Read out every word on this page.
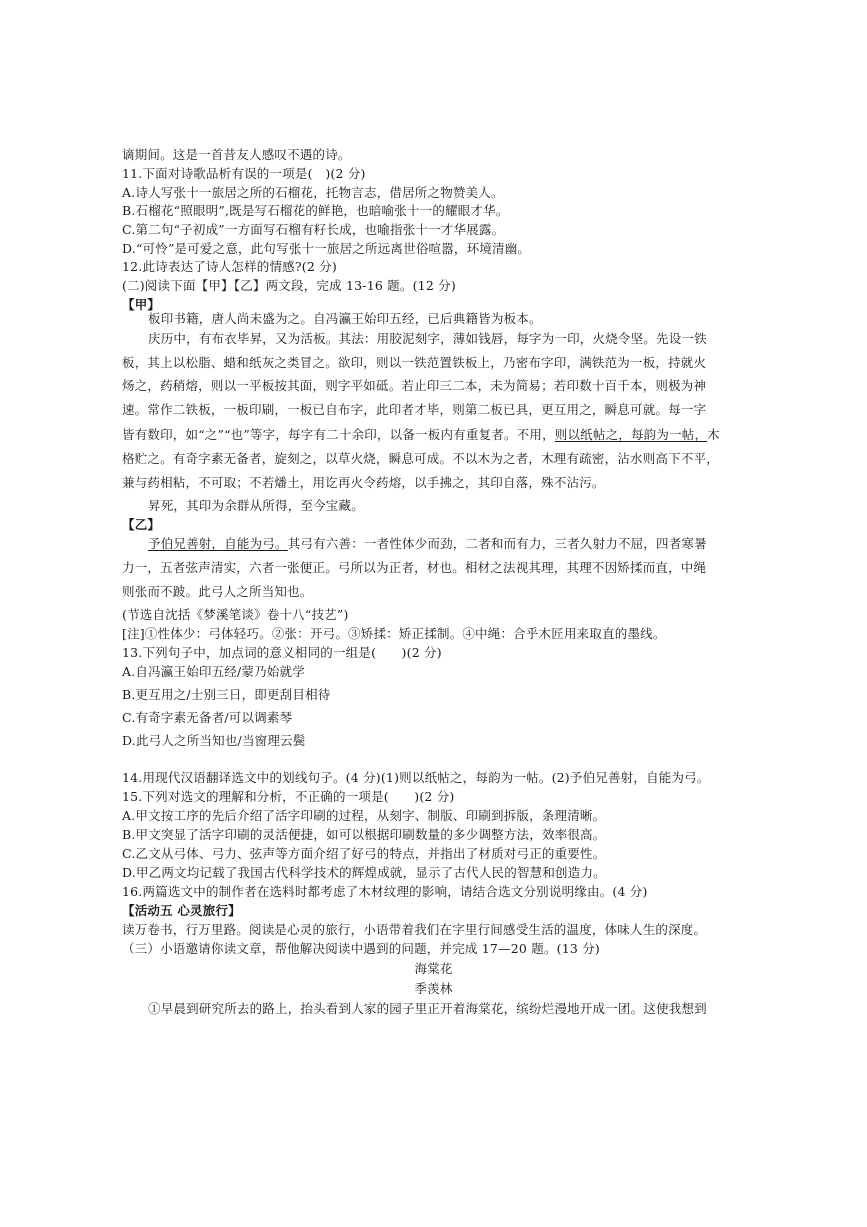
谪期间。这是一首昔友人感叹不遇的诗。
11.下面对诗歌品析有误的一项是(　)(2 分)
A.诗人写张十一旅居之所的石榴花，托物言志，借居所之物赞美人。
B.石榴花“照眼明”,既是写石榴花的鲜艳，也暗喻张十一的耀眼才华。
C.第二句“子初成”一方面写石榴有籽长成，也喻指张十一才华展露。
D.“可怜”是可爱之意，此句写张十一旅居之所远离世俗喧嚣，环境清幽。
12.此诗表达了诗人怎样的情感?(2 分)
(二)阅读下面【甲】【乙】两文段，完成 13-16 题。(12 分)
【甲】
板印书籍，唐人尚未盛为之。自冯瀛王始印五经，已后典籍皆为板本。
庆历中，有布衣毕昇，又为活板。其法：用胶泥刻字，薄如钱唇，每字为一印，火烧令坚。先设一铁
板，其上以松脂、蜡和纸灰之类冒之。欲印，则以一铁范置铁板上，乃密布字印，满铁范为一板，持就火
炀之，药稍熔，则以一平板按其面，则字平如砥。若止印三二本，未为简易；若印数十百千本，则极为神
速。常作二铁板，一板印刷，一板已自布字，此印者才毕，则第二板已具，更互用之，瞬息可就。每一字
皆有数印，如“之”“也”等字，每字有二十余印，以备一板内有重复者。不用，则以纸帖之，每韵为一帖，木
格贮之。有奇字素无备者，旋刻之，以草火烧，瞬息可成。不以木为之者，木理有疏密，沾水则高下不平，
兼与药相粘，不可取；不若燔土，用讫再火令药熔，以手拂之，其印自落，殊不沾污。
昇死，其印为余群从所得，至今宝藏。
【乙】
予伯兄善射，自能为弓。其弓有六善：一者性体少而劲，二者和而有力，三者久射力不屈，四者寒暑
力一，五者弦声清实，六者一张便正。弓所以为正者，材也。相材之法视其理，其理不因矫揉而直，中绳
则张而不跛。此弓人之所当知也。
(节选自沈括《梦溪笔谈》卷十八“技艺”)
[注]①性体少：弓体轻巧。②张：开弓。③矫揉：矫正揉制。④中绳：合乎木匠用来取直的墨线。
13.下列句子中，加点词的意义相同的一组是(　　)(2 分)
A.自冯瀛王始印五经/蒙乃始就学
B.更互用之/士别三日，即更刮目相待
C.有奇字素无备者/可以调素琴
D.此弓人之所当知也/当窗理云鬓
14.用现代汉语翻译选文中的划线句子。(4 分)(1)则以纸帖之，每韵为一帖。(2)予伯兄善射，自能为弓。
15.下列对选文的理解和分析，不正确的一项是(　　)(2 分)
A.甲文按工序的先后介绍了活字印刷的过程，从刻字、制版、印刷到拆版，条理清晰。
B.甲文突显了活字印刷的灵活便捷，如可以根据印刷数量的多少调整方法，效率很高。
C.乙文从弓体、弓力、弦声等方面介绍了好弓的特点，并指出了材质对弓正的重要性。
D.甲乙两文均记载了我国古代科学技术的辉煌成就，显示了古代人民的智慧和创造力。
16.两篇选文中的制作者在选料时都考虑了木材纹理的影响，请结合选文分别说明缘由。(4 分)
【活动五 心灵旅行】
读万卷书，行万里路。阅读是心灵的旅行，小语带着我们在字里行间感受生活的温度，体味人生的深度。
（三）小语邀请你读文章，帮他解决阅读中遇到的问题，并完成 17—20 题。(13 分)
海棠花
季羡林
①早晨到研究所去的路上，抬头看到人家的园子里正开着海棠花，缤纷烂漫地开成一团。这使我想到
